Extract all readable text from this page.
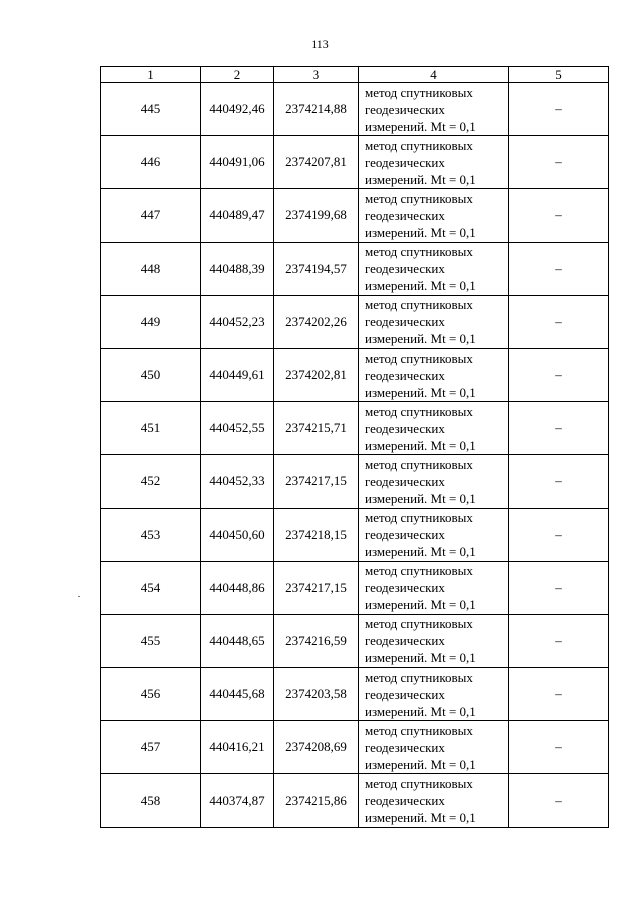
113
1	2	3	4	5
445	440492,46	2374214,88	метод спутниковых
геодезических
измерений. Mt = 0,1	–
446	440491,06	2374207,81	метод спутниковых
геодезических
измерений. Mt = 0,1	–
447	440489,47	2374199,68	метод спутниковых
геодезических
измерений. Mt = 0,1	–
448	440488,39	2374194,57	метод спутниковых
геодезических
измерений. Mt = 0,1	–
449	440452,23	2374202,26	метод спутниковых
геодезических
измерений. Mt = 0,1	–
450	440449,61	2374202,81	метод спутниковых
геодезических
измерений. Mt = 0,1	–
451	440452,55	2374215,71	метод спутниковых
геодезических
измерений. Mt = 0,1	–
452	440452,33	2374217,15	метод спутниковых
геодезических
измерений. Mt = 0,1	–
453	440450,60	2374218,15	метод спутниковых
геодезических
измерений. Mt = 0,1	–
454	440448,86	2374217,15	метод спутниковых
геодезических
измерений. Mt = 0,1	–
455	440448,65	2374216,59	метод спутниковых
геодезических
измерений. Mt = 0,1	–
456	440445,68	2374203,58	метод спутниковых
геодезических
измерений. Mt = 0,1	–
457	440416,21	2374208,69	метод спутниковых
геодезических
измерений. Mt = 0,1	–
458	440374,87	2374215,86	метод спутниковых
геодезических
измерений. Mt = 0,1	–
